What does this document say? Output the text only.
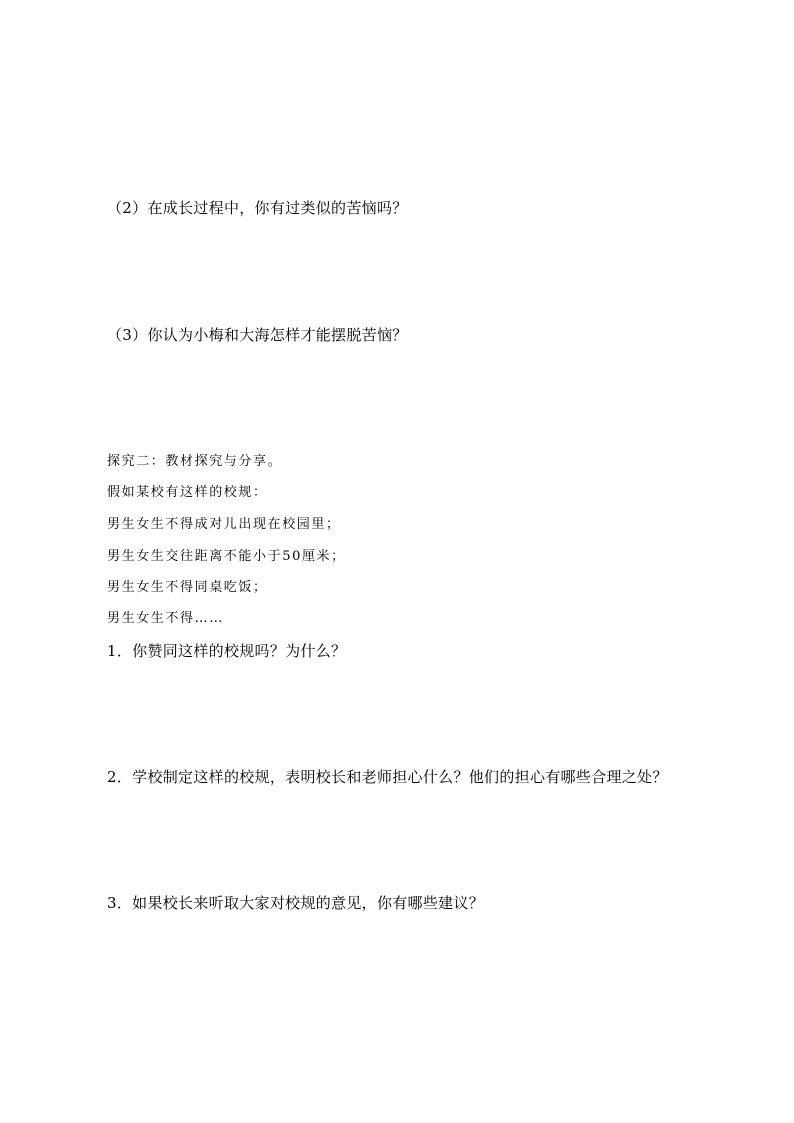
（2）在成长过程中，你有过类似的苦恼吗？
（3）你认为小梅和大海怎样才能摆脱苦恼？
探究二：教材探究与分享。
假如某校有这样的校规：
男生女生不得成对儿出现在校园里；
男生女生交往距离不能小于50厘米；
男生女生不得同桌吃饭；
男生女生不得……
1．你赞同这样的校规吗？为什么？
2．学校制定这样的校规，表明校长和老师担心什么？他们的担心有哪些合理之处？
3．如果校长来听取大家对校规的意见，你有哪些建议？
